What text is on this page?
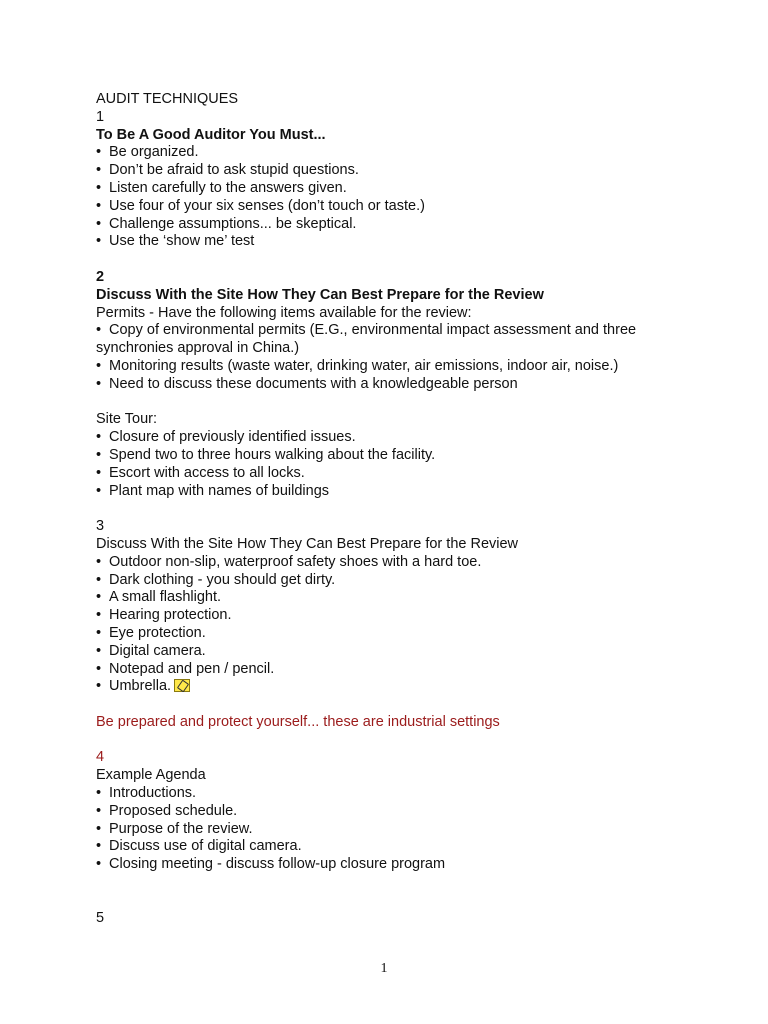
AUDIT TECHNIQUES
1
To Be A Good Auditor You Must...
• Be organized.
• Don’t be afraid to ask stupid questions.
• Listen carefully to the answers given.
• Use four of your six senses (don’t touch or taste.)
• Challenge assumptions... be skeptical.
• Use the ‘show me’ test
2
Discuss With the Site How They Can Best Prepare for the Review
Permits - Have the following items available for the review:
• Copy of environmental permits (E.G., environmental impact assessment and three synchronies approval in China.)
• Monitoring results (waste water, drinking water, air emissions, indoor air, noise.)
• Need to discuss these documents with a knowledgeable person
Site Tour:
• Closure of previously identified issues.
• Spend two to three hours walking about the facility.
• Escort with access to all locks.
• Plant map with names of buildings
3
Discuss With the Site How They Can Best Prepare for the Review
• Outdoor non-slip, waterproof safety shoes with a hard toe.
• Dark clothing - you should get dirty.
• A small flashlight.
• Hearing protection.
• Eye protection.
• Digital camera.
• Notepad and pen / pencil.
• Umbrella.
Be prepared and protect yourself... these are industrial settings
4
Example Agenda
• Introductions.
• Proposed schedule.
• Purpose of the review.
• Discuss use of digital camera.
• Closing meeting - discuss follow-up closure program
5
1
